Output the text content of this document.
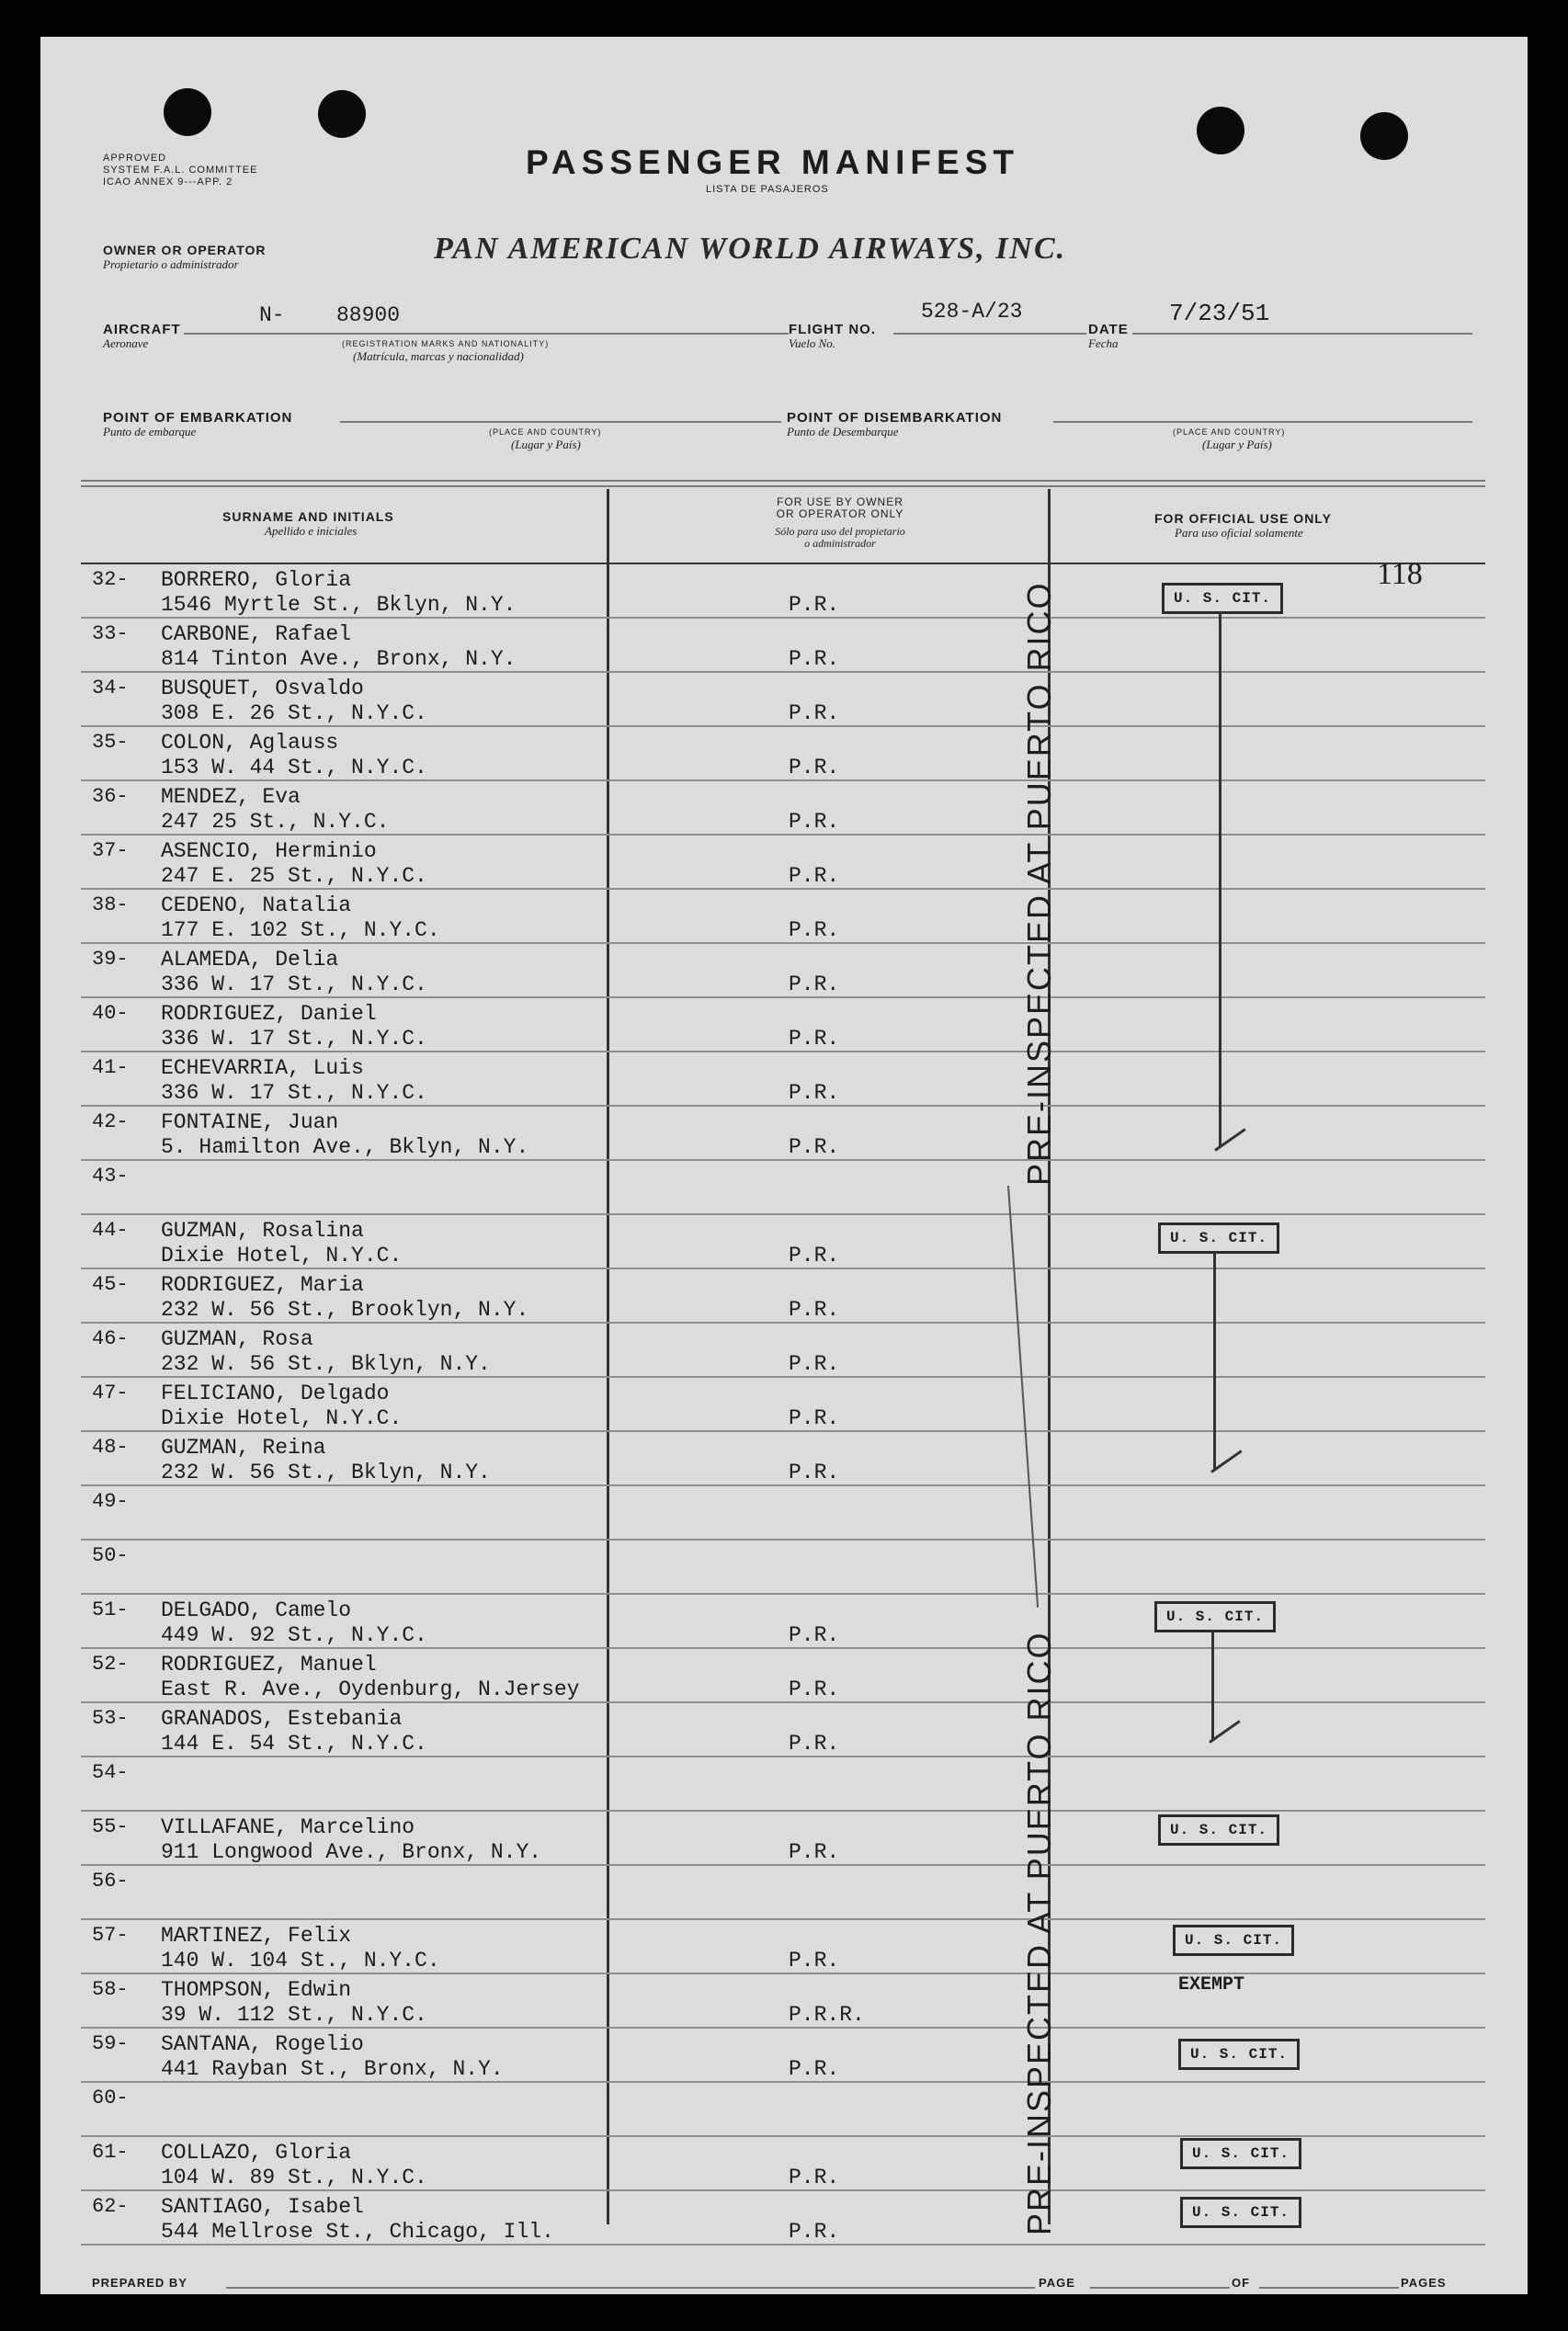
APPROVED
SYSTEM F.A.L. COMMITTEE
ICAO ANNEX 9---APP. 2
PASSENGER MANIFEST
LISTA DE PASAJEROS
OWNER OR OPERATOR
Propietario o administrador	PAN AMERICAN WORLD AIRWAYS, INC.
AIRCRAFT
Aeronave
N- 88900
(REGISTRATION MARKS AND NATIONALITY)
(Matrícula, marcas y nacionalidad)
FLIGHT NO.
Vuelo No.
528-A/23
DATE
Fecha
7/23/51
POINT OF EMBARKATION
Punto de embarque	(PLACE AND COUNTRY)
(Lugar y País)
POINT OF DISEMBARKATION
Punto de Desembarque	(PLACE AND COUNTRY)
(Lugar y País)
SURNAME AND INITIALS
Apellido e iniciales
FOR USE BY OWNER
OR OPERATOR ONLY
Sólo para uso del propietario
o administrador
FOR OFFICIAL USE ONLY
Para uso oficial solamente
118
32-	BORRERO, Gloria
1546 Myrtle St., Bklyn, N.Y.	P.R.
33-	CARBONE, Rafael
814 Tinton Ave., Bronx, N.Y.	P.R.
34-	BUSQUET, Osvaldo
308 E. 26 St., N.Y.C.	P.R.
35-	COLON, Aglauss
153 W. 44 St., N.Y.C.	P.R.
36-	MENDEZ, Eva
247 25 St., N.Y.C.	P.R.
37-	ASENCIO, Herminio
247 E. 25 St., N.Y.C.	P.R.
38-	CEDENO, Natalia
177 E. 102 St., N.Y.C.	P.R.
39-	ALAMEDA, Delia
336 W. 17 St., N.Y.C.	P.R.
40-	RODRIGUEZ, Daniel
336 W. 17 St., N.Y.C.	P.R.
41-	ECHEVARRIA, Luis
336 W. 17 St., N.Y.C.	P.R.
42-	FONTAINE, Juan
5. Hamilton Ave., Bklyn, N.Y.	P.R.
43-
44-	GUZMAN, Rosalina
Dixie Hotel, N.Y.C.	P.R.
45-	RODRIGUEZ, Maria
232 W. 56 St., Brooklyn, N.Y.	P.R.
46-	GUZMAN, Rosa
232 W. 56 St., Bklyn, N.Y.	P.R.
47-	FELICIANO, Delgado
Dixie Hotel, N.Y.C.	P.R.
48-	GUZMAN, Reina
232 W. 56 St., Bklyn, N.Y.	P.R.
49-
50-
51-	DELGADO, Camelo
449 W. 92 St., N.Y.C.	P.R.
52-	RODRIGUEZ, Manuel
East R. Ave., Oydenburg, N.Jersey	P.R.
53-	GRANADOS, Estebania
144 E. 54 St., N.Y.C.	P.R.
54-
55-	VILLAFANE, Marcelino
911 Longwood Ave., Bronx, N.Y.	P.R.
56-
57-	MARTINEZ, Felix
140 W. 104 St., N.Y.C.	P.R.
58-	THOMPSON, Edwin
39 W. 112 St., N.Y.C.	P.R.R.
59-	SANTANA, Rogelio
441 Rayban St., Bronx, N.Y.	P.R.
60-
61-	COLLAZO, Gloria
104 W. 89 St., N.Y.C.	P.R.
62-	SANTIAGO, Isabel
544 Mellrose St., Chicago, Ill.	P.R.
PRE-INSPECTED AT PUERTO RICO
PRE-INSPECTED AT PUERTO RICO
U. S. CIT.
U. S. CIT.
U. S. CIT.
U. S. CIT.
U. S. CIT.
EXEMPT
U. S. CIT.
U. S. CIT.
U. S. CIT.
PREPARED BY	PAGE	OF	PAGES
